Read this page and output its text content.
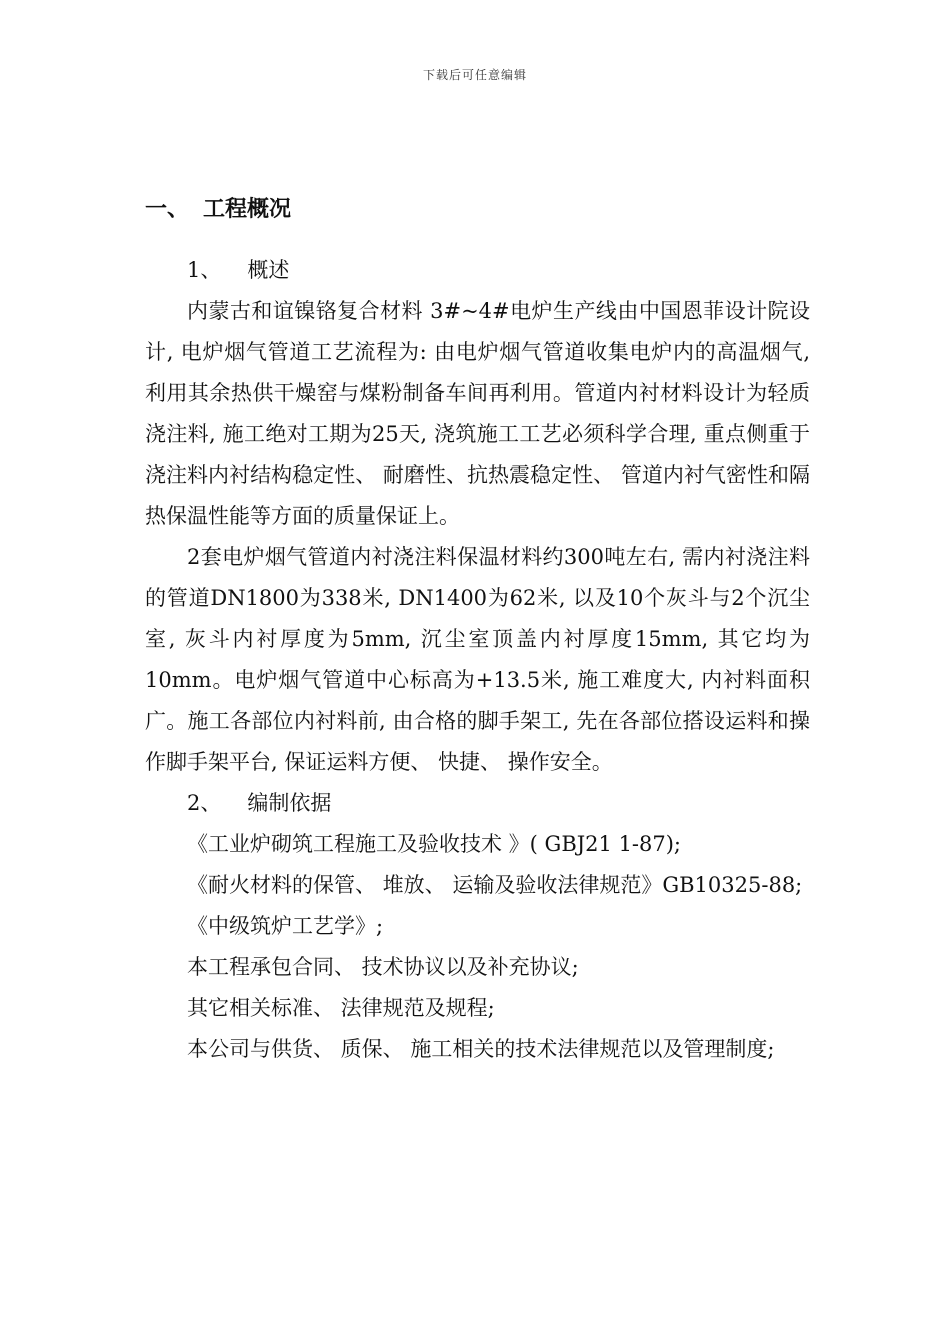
下载后可任意编辑
一、 工程概况

1、 概述

内蒙古和谊镍铬复合材料 3#~4#电炉生产线由中国恩菲设计院设计, 电炉烟气管道工艺流程为: 由电炉烟气管道收集电炉内的高温烟气, 利用其余热供干燥窑与煤粉制备车间再利用。管道内衬材料设计为轻质浇注料, 施工绝对工期为25天, 浇筑施工工艺必须科学合理, 重点侧重于浇注料内衬结构稳定性、 耐磨性、抗热震稳定性、 管道内衬气密性和隔热保温性能等方面的质量保证上。

2套电炉烟气管道内衬浇注料保温材料约300吨左右, 需内衬浇注料的管道DN1800为338米, DN1400为62米, 以及10个灰斗与2个沉尘室, 灰斗内衬厚度为5mm, 沉尘室顶盖内衬厚度15mm, 其它均为10mm。电炉烟气管道中心标高为+13.5米, 施工难度大, 内衬料面积广。施工各部位内衬料前, 由合格的脚手架工, 先在各部位搭设运料和操作脚手架平台, 保证运料方便、 快捷、 操作安全。

2、 编制依据

《工业炉砌筑工程施工及验收技术 》( GBJ21 1-87);

《耐火材料的保管、 堆放、 运输及验收法律规范》GB10325-88;

《中级筑炉工艺学》;

本工程承包合同、 技术协议以及补充协议;

其它相关标准、 法律规范及规程;

本公司与供货、 质保、 施工相关的技术法律规范以及管理制度;
